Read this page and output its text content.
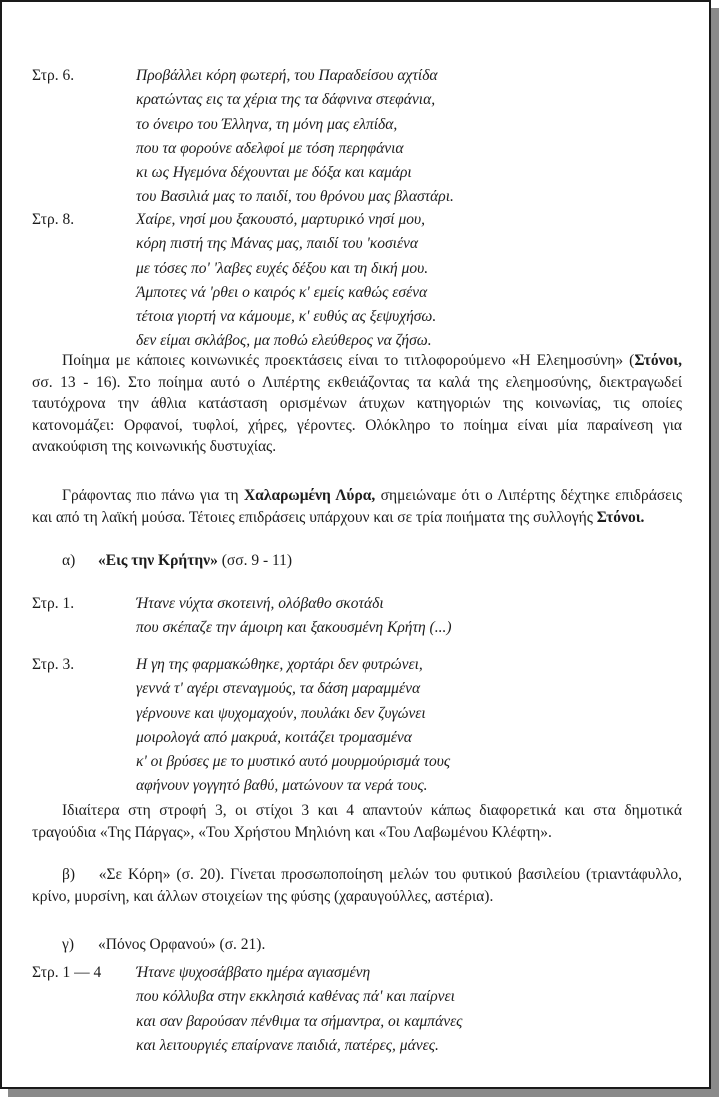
Στρ. 6.	Προβάλλει κόρη φωτερή, του Παραδείσου αχτίδα
κρατώντας εις τα χέρια της τα δάφνινα στεφάνια,
το όνειρο του Έλληνα, τη μόνη μας ελπίδα,
που τα φορούνε αδελφοί με τόση περηφάνια
κι ως Ηγεμόνα δέχουνται με δόξα και καμάρι
του Βασιλιά μας το παιδί, του θρόνου μας βλαστάρι.
Στρ. 8.	Χαίρε, νησί μου ξακουστό, μαρτυρικό νησί μου,
κόρη πιστή της Μάνας μας, παιδί του 'κοσιένα
με τόσες πο' 'λαβες ευχές δέξου και τη δική μου.
Άμποτες νά 'ρθει ο καιρός κ' εμείς καθώς εσένα
τέτοια γιορτή να κάμουμε, κ' ευθύς ας ξεψυχήσω.
δεν είμαι σκλάβος, μα ποθώ ελεύθερος να ζήσω.
Ποίημα με κάποιες κοινωνικές προεκτάσεις είναι το τιτλοφορούμενο «Η Ελεημοσύνη» (Στόνοι, σσ. 13 - 16). Στο ποίημα αυτό ο Λιπέρτης εκθειάζοντας τα καλά της ελεημοσύνης, διεκτραγωδεί ταυτόχρονα την άθλια κατάσταση ορισμένων άτυχων κατηγοριών της κοινωνίας, τις οποίες κατονομάζει: Ορφανοί, τυφλοί, χήρες, γέροντες. Ολόκληρο το ποίημα είναι μία παραίνεση για ανακούφιση της κοινωνικής δυστυχίας.
Γράφοντας πιο πάνω για τη Χαλαρωμένη Λύρα, σημειώναμε ότι ο Λιπέρτης δέχτηκε επιδράσεις και από τη λαϊκή μούσα. Τέτοιες επιδράσεις υπάρχουν και σε τρία ποιήματα της συλλογής Στόνοι.
α) «Εις την Κρήτην» (σσ. 9 - 11)
Στρ. 1.	Ήτανε νύχτα σκοτεινή, ολόβαθο σκοτάδι
που σκέπαζε την άμοιρη και ξακουσμένη Κρήτη (...)
Στρ. 3.	Η γη της φαρμακώθηκε, χορτάρι δεν φυτρώνει,
γεννά τ' αγέρι στεναγμούς, τα δάση μαραμμένα
γέρνουνε και ψυχομαχούν, πουλάκι δεν ζυγώνει
μοιρολογά από μακρυά, κοιτάζει τρομασμένα
κ' οι βρύσες με το μυστικό αυτό μουρμούρισμά τους
αφήνουν γογγητό βαθύ, ματώνουν τα νερά τους.
Ιδιαίτερα στη στροφή 3, οι στίχοι 3 και 4 απαντούν κάπως διαφορετικά και στα δημοτικά τραγούδια «Της Πάργας», «Του Χρήστου Μηλιόνη και «Του Λαβωμένου Κλέφτη».
β) «Σε Κόρη» (σ. 20). Γίνεται προσωποποίηση μελών του φυτικού βασιλείου (τριαντάφυλλο, κρίνο, μυρσίνη, και άλλων στοιχείων της φύσης (χαραυγούλλες, αστέρια).
γ) «Πόνος Ορφανού» (σ. 21).
Στρ. 1 — 4 Ήτανε ψυχοσάββατο ημέρα αγιασμένη
που κόλλυβα στην εκκλησιά καθένας πά' και παίρνει
και σαν βαρούσαν πένθιμα τα σήμαντρα, οι καμπάνες
και λειτουργιές επαίρνανε παιδιά, πατέρες, μάνες.
